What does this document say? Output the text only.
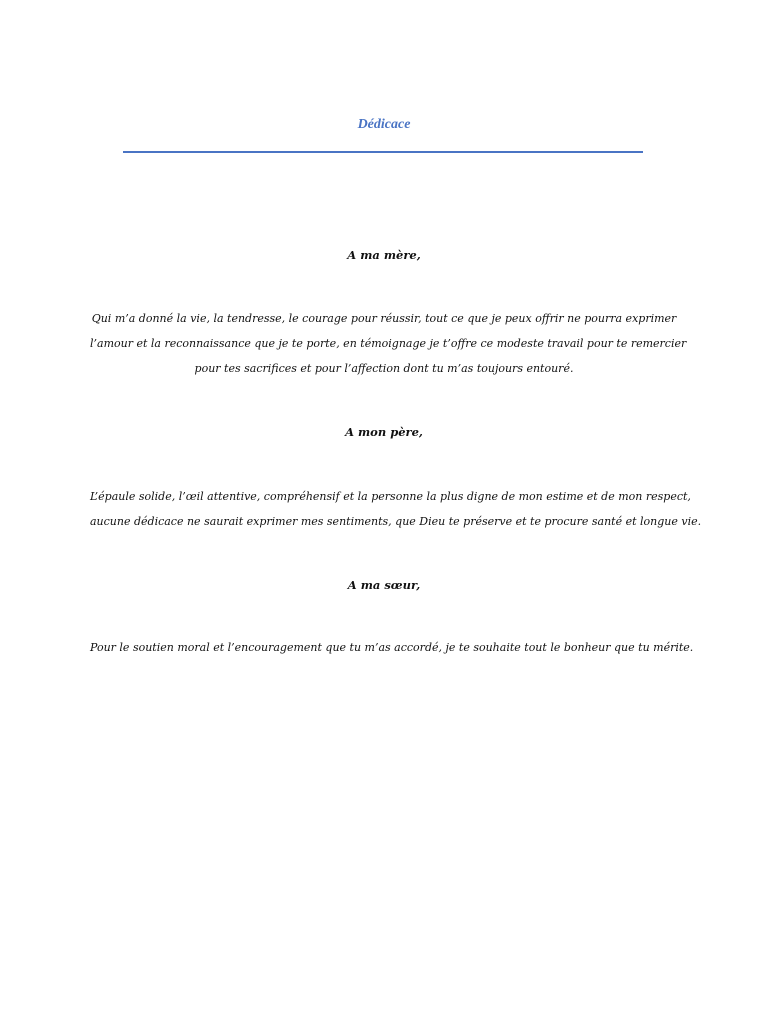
Dédicace
A ma mère,
Qui m’a donné la vie, la tendresse, le courage pour réussir, tout ce que je peux offrir ne pourra exprimer
l’amour et la reconnaissance que je te porte, en témoignage je t’offre ce modeste travail pour te remercier
pour tes sacrifices et pour l’affection dont tu m’as toujours entouré.
A mon père,
L’épaule solide, l’œil attentive, compréhensif et la personne la plus digne de mon estime et de mon respect,
aucune dédicace ne saurait exprimer mes sentiments, que Dieu te préserve et te procure santé et longue vie.
A ma sœur,
Pour le soutien moral et l’encouragement que tu m’as accordé, je te souhaite tout le bonheur que tu mérite.
